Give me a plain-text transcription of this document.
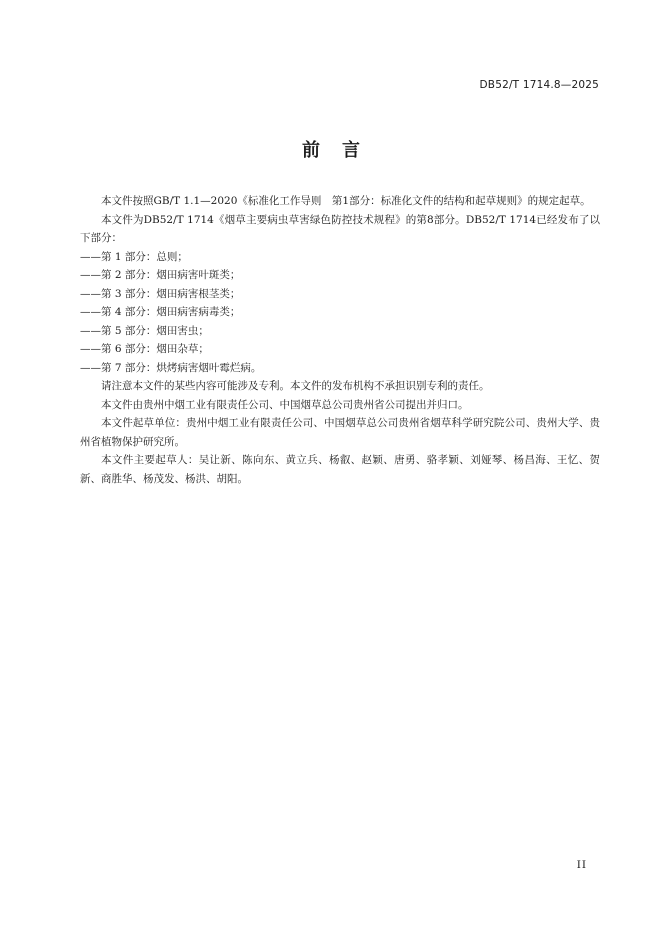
DB52/T 1714.8—2025
前言

本文件按照GB/T 1.1—2020《标准化工作导则　第1部分：标准化文件的结构和起草规则》的规定起草。

本文件为DB52/T 1714《烟草主要病虫草害绿色防控技术规程》的第8部分。DB52/T 1714已经发布了以下部分：

——第 1 部分：总则；

——第 2 部分：烟田病害叶斑类；

——第 3 部分：烟田病害根茎类；

——第 4 部分：烟田病害病毒类；

——第 5 部分：烟田害虫；

——第 6 部分：烟田杂草；

——第 7 部分：烘烤病害烟叶霉烂病。

请注意本文件的某些内容可能涉及专利。本文件的发布机构不承担识别专利的责任。

本文件由贵州中烟工业有限责任公司、中国烟草总公司贵州省公司提出并归口。

本文件起草单位：贵州中烟工业有限责任公司、中国烟草总公司贵州省烟草科学研究院公司、贵州大学、贵州省植物保护研究所。

本文件主要起草人：吴让新、陈向东、黄立兵、杨叡、赵颖、唐勇、骆孝颖、刘娅琴、杨昌海、王忆、贺新、商胜华、杨茂发、杨洪、胡阳。

II
